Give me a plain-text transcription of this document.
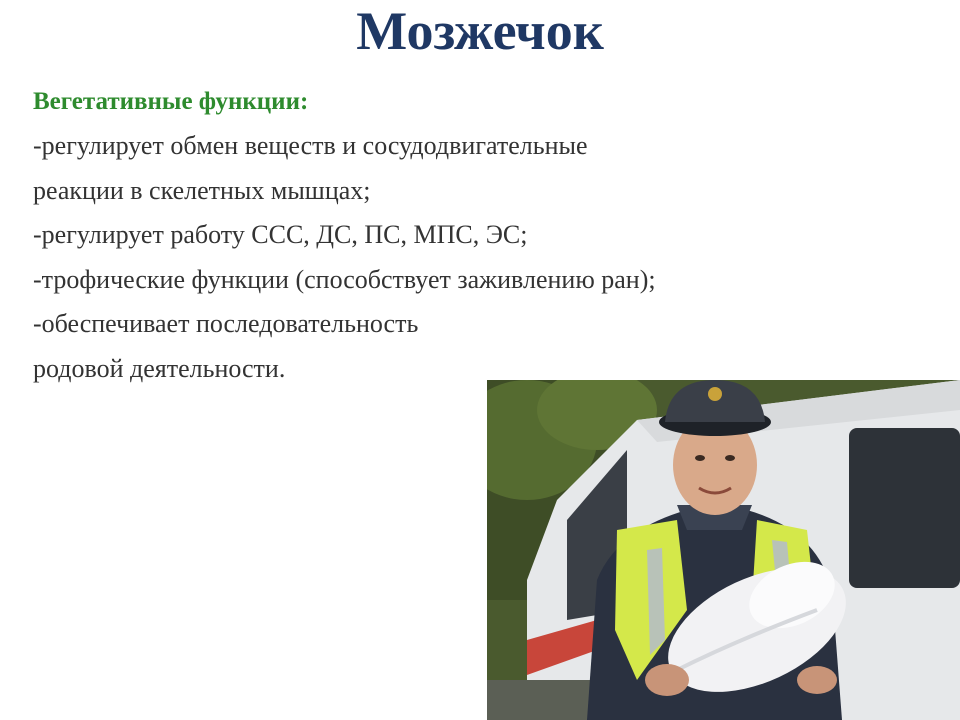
Мозжечок
Вегетативные функции:
-регулирует обмен веществ и сосудодвигательные
реакции в скелетных мышцах;
-регулирует работу ССС, ДС, ПС, МПС, ЭС;
-трофические функции (способствует заживлению ран);
-обеспечивает последовательность
родовой деятельности.
